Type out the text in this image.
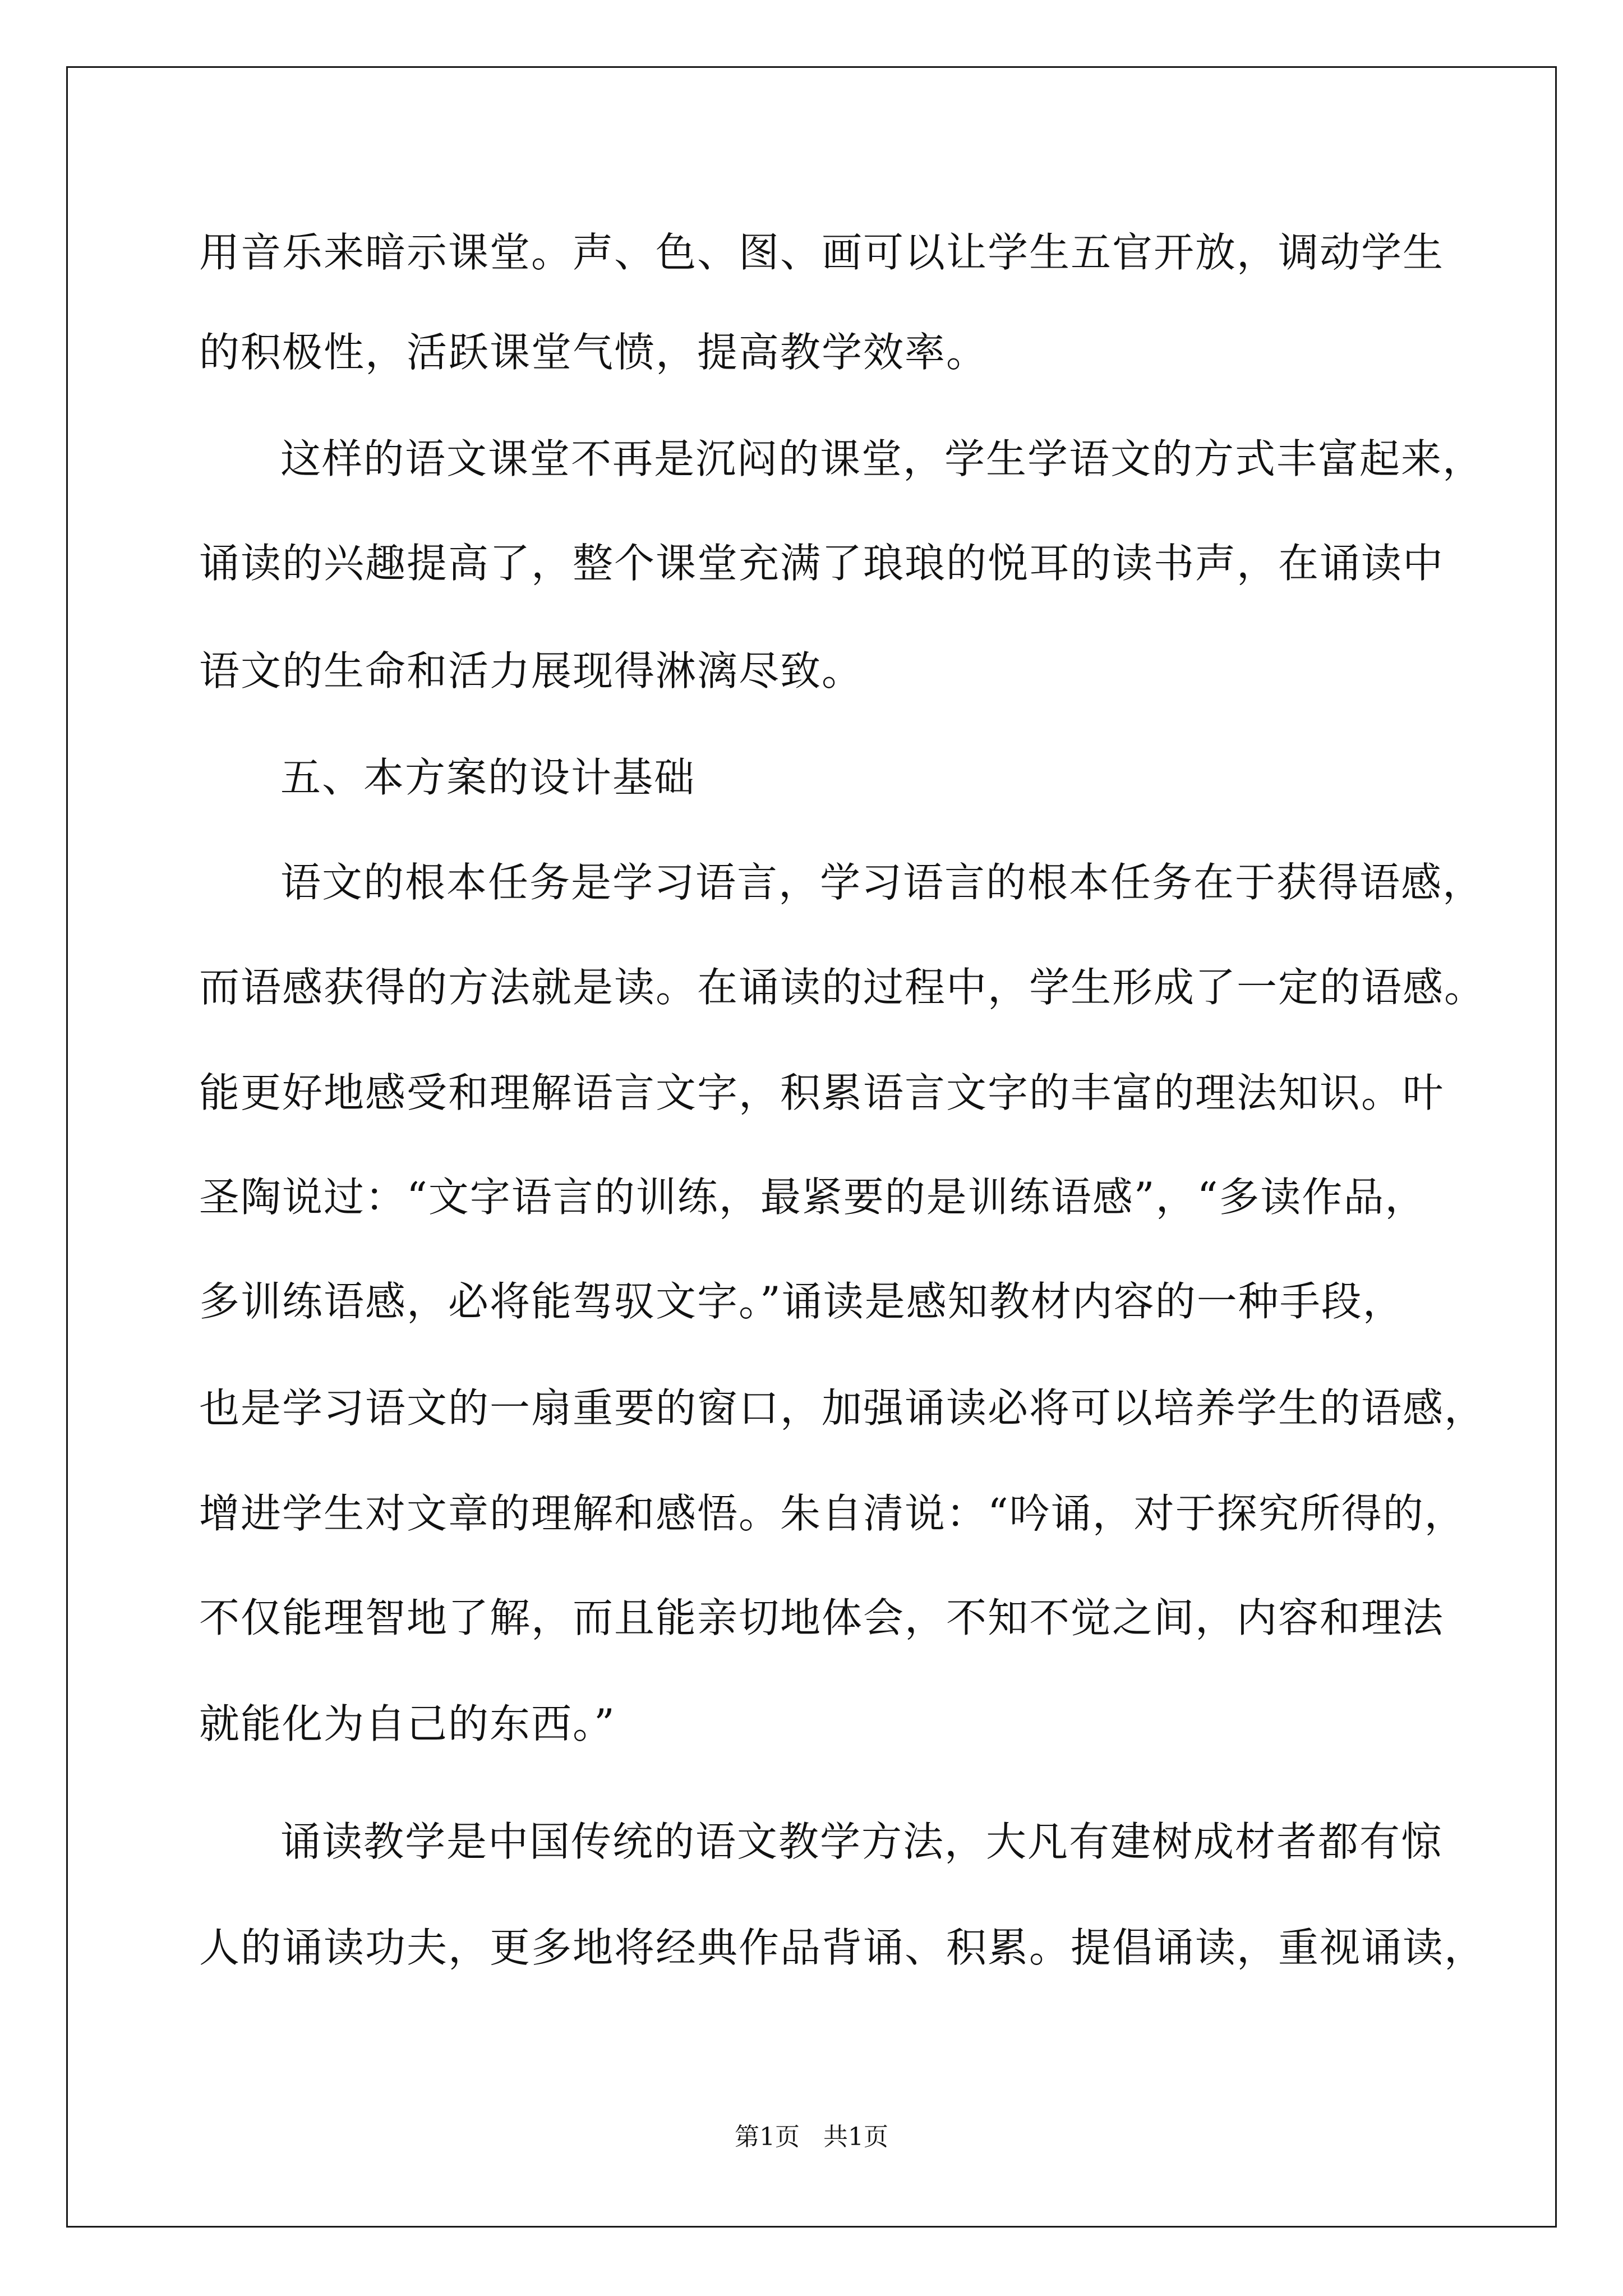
用音乐来暗示课堂。声、色、图、画可以让学生五官开放，调动学生
的积极性，活跃课堂气愤，提高教学效率。
这样的语文课堂不再是沉闷的课堂，学生学语文的方式丰富起来，
诵读的兴趣提高了，整个课堂充满了琅琅的悦耳的读书声，在诵读中
语文的生命和活力展现得淋漓尽致。
五、本方案的设计基础
语文的根本任务是学习语言，学习语言的根本任务在于获得语感，
而语感获得的方法就是读。在诵读的过程中，学生形成了一定的语感。
能更好地感受和理解语言文字，积累语言文字的丰富的理法知识。叶
圣陶说过：“文字语言的训练，最紧要的是训练语感”，“多读作品，
多训练语感，必将能驾驭文字。”诵读是感知教材内容的一种手段，
也是学习语文的一扇重要的窗口，加强诵读必将可以培养学生的语感，
增进学生对文章的理解和感悟。朱自清说：“吟诵，对于探究所得的，
不仅能理智地了解，而且能亲切地体会，不知不觉之间，内容和理法
就能化为自己的东西。”
诵读教学是中国传统的语文教学方法，大凡有建树成材者都有惊
人的诵读功夫，更多地将经典作品背诵、积累。提倡诵读，重视诵读，
第1页   共1页
